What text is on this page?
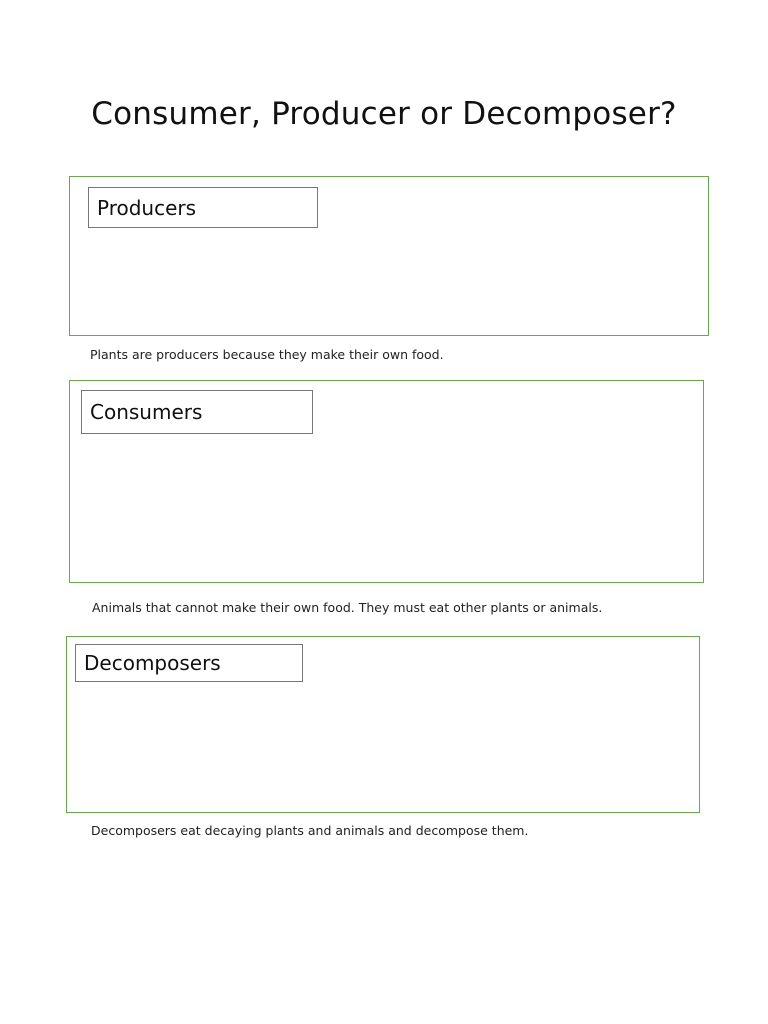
Consumer, Producer or Decomposer?
Producers
Plants are producers because they make their own food.
Consumers
Animals that cannot make their own food. They must eat other plants or animals.
Decomposers
Decomposers eat decaying plants and animals and decompose them.
